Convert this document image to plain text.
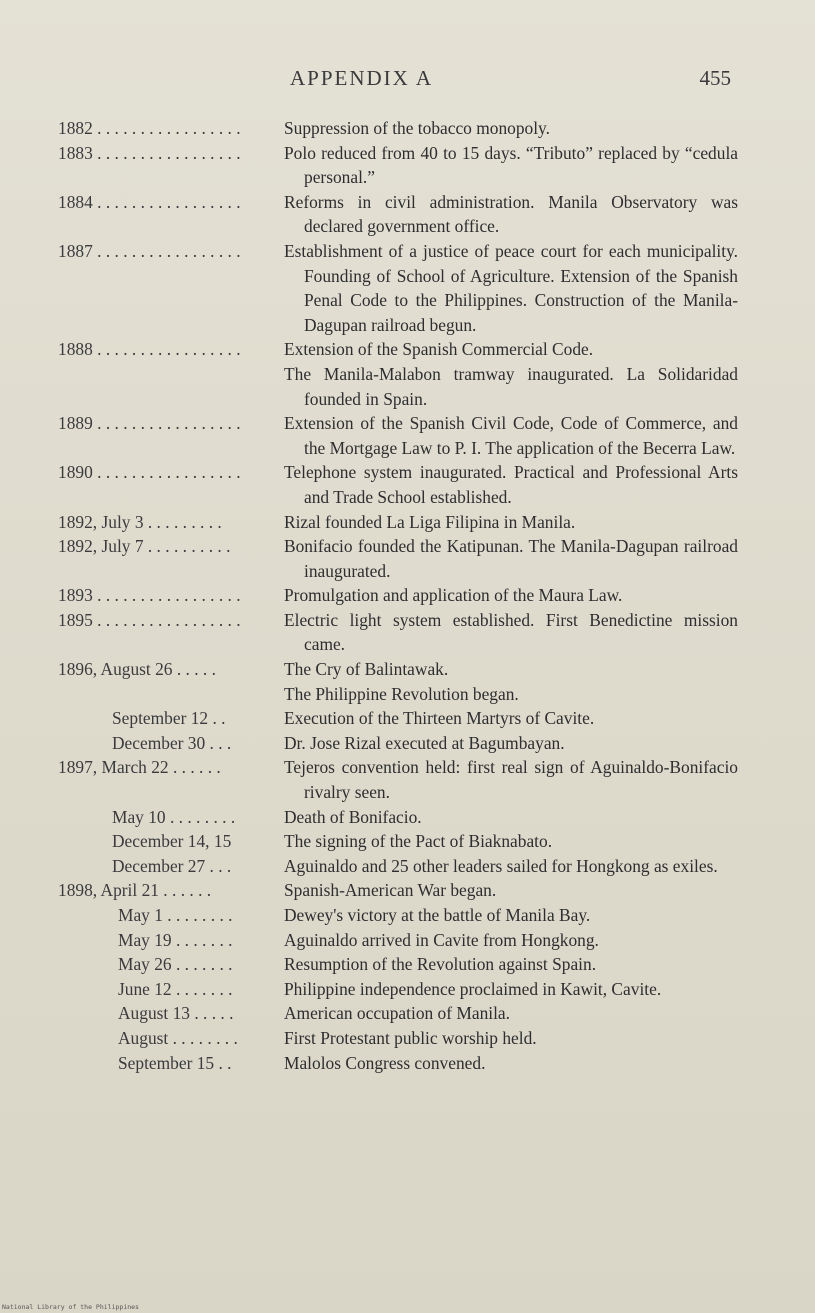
APPENDIX A	455
1882 . . . . . . . . . . . . . . . . .	Suppression of the tobacco monopoly.
1883 . . . . . . . . . . . . . . . . .	Polo reduced from 40 to 15 days. “Tributo” replaced by “cedula personal.”
1884 . . . . . . . . . . . . . . . . .	Reforms in civil administration. Manila Observatory was declared government office.
1887 . . . . . . . . . . . . . . . . .	Establishment of a justice of peace court for each municipality. Founding of School of Agriculture. Extension of the Spanish Penal Code to the Philippines. Construction of the Manila-Dagupan railroad begun.
1888 . . . . . . . . . . . . . . . . .	Extension of the Spanish Commercial Code.
The Manila-Malabon tramway inaugurated. La Solidaridad founded in Spain.
1889 . . . . . . . . . . . . . . . . .	Extension of the Spanish Civil Code, Code of Commerce, and the Mortgage Law to P. I. The application of the Becerra Law.
1890 . . . . . . . . . . . . . . . . .	Telephone system inaugurated. Practical and Professional Arts and Trade School established.
1892, July 3 . . . . . . . . .	Rizal founded La Liga Filipina in Manila.
1892, July 7 . . . . . . . . . .	Bonifacio founded the Katipunan. The Manila-Dagupan railroad inaugurated.
1893 . . . . . . . . . . . . . . . . .	Promulgation and application of the Maura Law.
1895 . . . . . . . . . . . . . . . . .	Electric light system established. First Benedictine mission came.
1896, August 26 . . . . .	The Cry of Balintawak.
The Philippine Revolution began.
September 12 . .	Execution of the Thirteen Martyrs of Cavite.
December 30 . . .	Dr. Jose Rizal executed at Bagumbayan.
1897, March 22 . . . . . .	Tejeros convention held: first real sign of Aguinaldo-Bonifacio rivalry seen.
May 10 . . . . . . . .	Death of Bonifacio.
December 14, 15	The signing of the Pact of Biaknabato.
December 27 . . .	Aguinaldo and 25 other leaders sailed for Hongkong as exiles.
1898, April 21 . . . . . .	Spanish-American War began.
May 1 . . . . . . . .	Dewey's victory at the battle of Manila Bay.
May 19 . . . . . . .	Aguinaldo arrived in Cavite from Hongkong.
May 26 . . . . . . .	Resumption of the Revolution against Spain.
June 12 . . . . . . .	Philippine independence proclaimed in Kawit, Cavite.
August 13 . . . . .	American occupation of Manila.
August . . . . . . . .	First Protestant public worship held.
September 15 . .	Malolos Congress convened.
National Library of the Philippines
